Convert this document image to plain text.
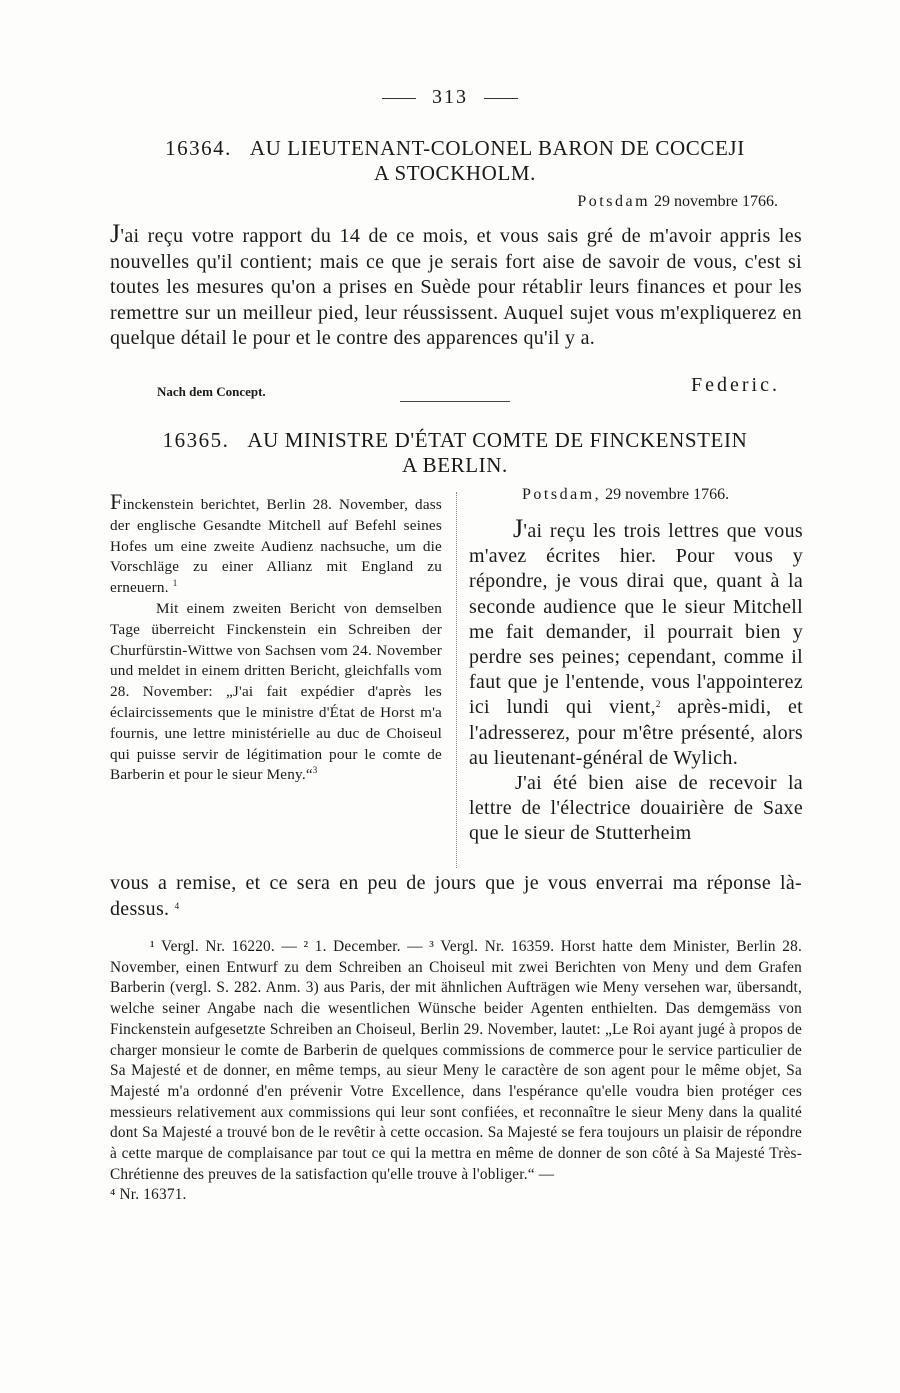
313
16364. AU LIEUTENANT-COLONEL BARON DE COCCEJI
A STOCKHOLM.
Potsdam 29 novembre 1766.
J'ai reçu votre rapport du 14 de ce mois, et vous sais gré de m'avoir appris les nouvelles qu'il contient; mais ce que je serais fort aise de savoir de vous, c'est si toutes les mesures qu'on a prises en Suède pour rétablir leurs finances et pour les remettre sur un meilleur pied, leur réussissent. Auquel sujet vous m'expliquerez en quelque détail le pour et le contre des apparences qu'il y a.
Nach dem Concept.	Federic.
16365. AU MINISTRE D'ÉTAT COMTE DE FINCKENSTEIN
A BERLIN.

Finckenstein berichtet, Berlin 28. November, dass der englische Gesandte Mitchell auf Befehl seines Hofes um eine zweite Audienz nachsuche, um die Vorschläge zu einer Allianz mit England zu erneuern. $^1$

Mit einem zweiten Bericht von demselben Tage überreicht Finckenstein ein Schreiben der Churfürstin-Wittwe von Sachsen vom 24. November und meldet in einem dritten Bericht, gleichfalls vom 28. November: „J'ai fait expédier d'après les éclaircissements que le ministre d'État de Horst m'a fournis, une lettre ministérielle au duc de Choiseul qui puisse servir de légitimation pour le comte de Barberin et pour le sieur Meny.“$^3$

Potsdam, 29 novembre 1766.

J'ai reçu les trois lettres que vous m'avez écrites hier. Pour vous y répondre, je vous dirai que, quant à la seconde audience que le sieur Mitchell me fait demander, il pourrait bien y perdre ses peines; cependant, comme il faut que je l'entende, vous l'appointerez ici lundi qui vient,$^2$ après-midi, et l'adresserez, pour m'être présenté, alors au lieutenant-général de Wylich.

J'ai été bien aise de recevoir la lettre de l'électrice douairière de Saxe que le sieur de Stutterheim

vous a remise, et ce sera en peu de jours que je vous enverrai ma réponse là-dessus. $^4$

¹ Vergl. Nr. 16220. — ² 1. December. — ³ Vergl. Nr. 16359. Horst hatte dem Minister, Berlin 28. November, einen Entwurf zu dem Schreiben an Choiseul mit zwei Berichten von Meny und dem Grafen Barberin (vergl. S. 282. Anm. 3) aus Paris, der mit ähnlichen Aufträgen wie Meny versehen war, übersandt, welche seiner Angabe nach die wesentlichen Wünsche beider Agenten enthielten. Das demgemäss von Finckenstein aufgesetzte Schreiben an Choiseul, Berlin 29. November, lautet: „Le Roi ayant jugé à propos de charger monsieur le comte de Barberin de quelques commissions de commerce pour le service particulier de Sa Majesté et de donner, en même temps, au sieur Meny le caractère de son agent pour le même objet, Sa Majesté m'a ordonné d'en prévenir Votre Excellence, dans l'espérance qu'elle voudra bien protéger ces messieurs relativement aux commissions qui leur sont confiées, et reconnaître le sieur Meny dans la qualité dont Sa Majesté a trouvé bon de le revêtir à cette occasion. Sa Majesté se fera toujours un plaisir de répondre à cette marque de complaisance par tout ce qui la mettra en même de donner de son côté à Sa Majesté Très-Chrétienne des preuves de la satisfaction qu'elle trouve à l'obliger.“ —

⁴ Nr. 16371.
